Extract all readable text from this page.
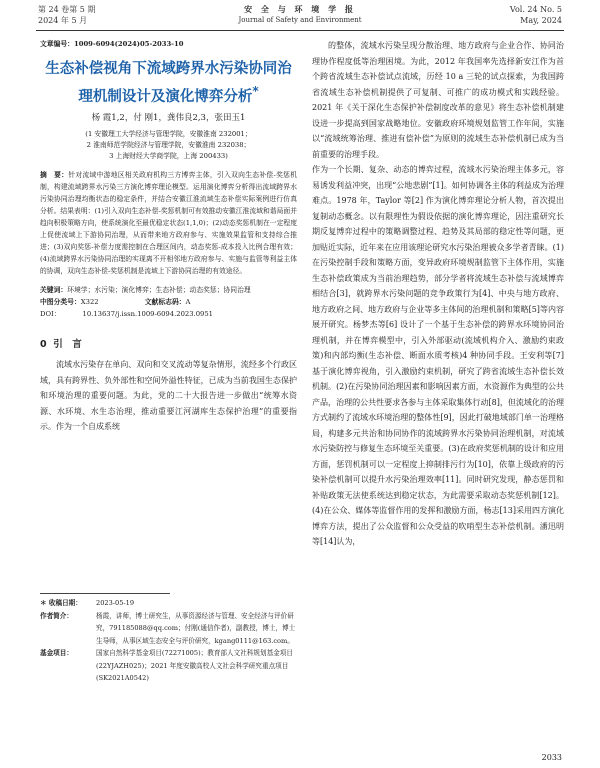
第 24 卷第 5 期
2024 年 5 月
安 全 与 环 境 学 报
Journal of Safety and Environment
Vol. 24 No. 5
May, 2024
文章编号：1009-6094(2024)05-2033-10
生态补偿视角下流域跨界水污染协同治理机制设计及演化博弈分析*
杨 霞1,2，付 刚1，龚伟良2,3，张田玉1
(1 安徽理工大学经济与管理学院，安徽淮南 232001；
2 淮南师范学院经济与管理学院，安徽淮南 232038；
3 上海财经大学商学院，上海 200433)
摘　要：针对流域中游地区相关政府机构三方博弈主体，引入双向生态补偿-奖惩机制，构建流域跨界水污染三方演化博弈理论模型。运用演化博弈分析得出流域跨界水污染协同治理均衡状态的稳定条件，并结合安徽江淮流域生态补偿实际案例进行仿真分析。结果表明：(1)引入双向生态补偿-奖惩机制可有效推动安徽江淮流域和谐局面并趋向积极策略方向，使系统演化至最优稳定状态(1,1,0)；(2)动态奖惩机制在一定程度上促使流域上下游协同治理，从而带来地方政府参与、实施效果监管和支持综合推进；(3)双向奖惩-补偿力度需控制在合理区间内，动态奖惩-成本投入比例合理有效；(4)流域跨界水污染协同治理的实现离不开相邻地方政府参与、实施与监管等利益主体的协调，双向生态补偿-奖惩机制是流域上下游协同治理的有效途径。
关键词：环境学；水污染；演化博弈；生态补偿；动态奖惩；协同治理
中图分类号：X322	文献标志码：A
DOI：	10.13637/j.issn.1009-6094.2023.0951
0 引　言

流域水污染存在单向、双向和交叉流动等复杂情形，流经多个行政区域，具有跨界性、负外部性和空间外溢性特征，已成为当前我国生态保护和环境治理的重要问题。为此，党的二十大报告进一步做出“统筹水资源、水环境、水生态治理，推动重要江河湖库生态保护治理”的重要指示。作为一个自成系统

＊ 收稿日期：	2023-05-19
作者简介：	杨霞，讲师，博士研究生，从事资源经济与管理、安全经济与评价研究，791185088@qq.com；付刚(通信作者)，副教授，博士，博士生导师，从事区域生态安全与评价研究，kgang0111@163.com。
基金项目：	国家自然科学基金项目(72271005)；教育部人文社科规划基金项目(22YJAZH025)；2021 年度安徽高校人文社会科学研究重点项目(SK2021A0542)
的整体，流域水污染呈现分散治理、地方政府与企业合作、协同治理协作程度低等治理困境。为此，2012 年我国率先选择新安江作为首个跨省流域生态补偿试点流域，历经 10 a 三轮的试点探索，为我国跨省流域生态补偿机制提供了可复制、可推广的成功模式和实践经验。2021 年《关于深化生态保护补偿制度改革的意见》将生态补偿机制建设进一步提高到国家战略地位。安徽政府环境规划监管工作年间，实施以“流域统筹治理、推进有偿补偿”为原则的流域生态补偿机制已成为当前重要的治理手段。
作为一个长期、复杂、动态的博弈过程，流域水污染治理主体多元，容易诱发利益冲突，出现“公地悲剧”[1]。如何协调各主体的利益成为治理难点。1978 年，Taylor 等[2] 作为演化博弈理论分析人物，首次提出复制动态概念。以有限理性为假设依据的演化博弈理论，因注重研究长期反复博弈过程中的策略调整过程、趋势及其局部的稳定性等问题，更加贴近实际，近年来在应用该理论研究水污染治理被众多学者青睐。(1)在污染控制手段和策略方面，变异政府环境规制监管下主体作用，实施生态补偿政策成为当前治理趋势，部分学者将流域生态补偿与流域博弈相结合[3]，就跨界水污染问题的竞争政策行为[4]、中央与地方政府、地方政府之间、地方政府与企业等多主体间的治理机制和策略[5]等内容展开研究。杨梦杰等[6] 设计了一个基于生态补偿的跨界水环境协同治理机制，并在博弈模型中，引入外部驱动(流域机构介入、激励约束政策)和内部均衡(生态补偿、断面水质考核)4 种协同手段。王安利等[7] 基于演化博弈视角，引入激励约束机制，研究了跨省流域生态补偿长效机制。(2)在污染协同治理因素和影响因素方面，水资源作为典型的公共产品，治理的公共性要求各参与主体采取集体行动[8]，但流域化的治理方式制约了流域水环境治理的整体性[9]，因此打破地域部门单一治理格局，构建多元共治和协同协作的流域跨界水污染协同治理机制，对流域水污染防控与修复生态环境至关重要。(3)在政府奖惩机制的设计和应用方面，惩罚机制可以一定程度上抑制排污行为[10]，依靠上级政府的污染补偿机制可以提升水污染治理效率[11]。同时研究发现，静态惩罚和补贴政策无法使系统达到稳定状态，为此需要采取动态奖惩机制[12]。(4)在公众、媒体等监督作用的发挥和激励方面，杨志[13]采用四方演化博弈方法，提出了公众监督和公众受益的吹哨型生态补偿机制。潘迅明等[14]认为，
2033
